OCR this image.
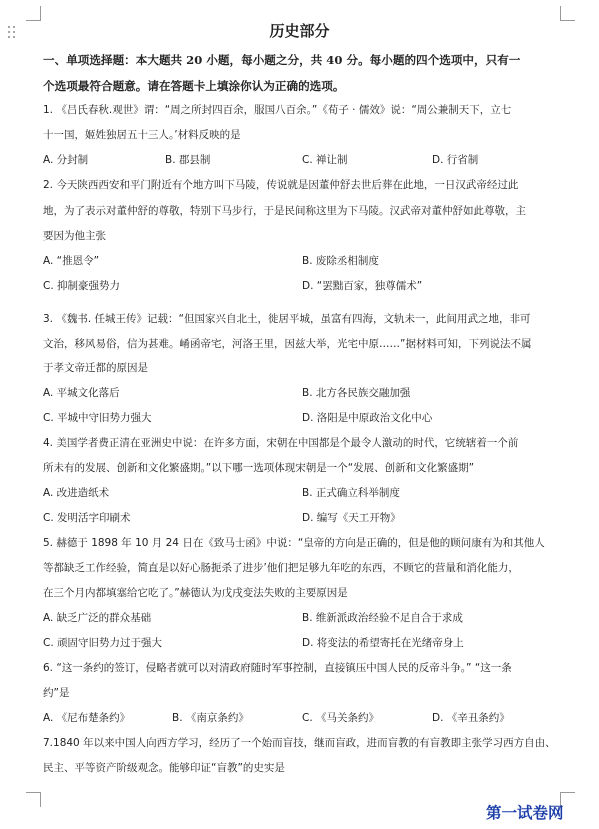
历史部分
一、单项选择题：本大题共 20 小题，每小题之分，共 40 分。每小题的四个选项中，只有一
个选项最符合题意。请在答题卡上填涂你认为正确的选项。
1. 《吕氏春秋.观世》谓：“周之所封四百余，服国八百余。”《荀子 · 儒效》说：“周公兼制天下，立七
十一国，姬姓独居五十三人。’材料反映的是
A. 分封制	B. 郡县制	C. 禅让制	D. 行省制
2. 今天陕西西安和平门附近有个地方叫下马陵，传说就是因董仲舒去世后葬在此地，一日汉武帝经过此
地，为了表示对董仲舒的尊敬，特别下马步行，于是民间称这里为下马陵。汉武帝对董仲舒如此尊敬，主
要因为他主张
A. “推恩令”	B. 废除丞相制度
C. 抑制豪强势力	D. “罢黜百家，独尊儒术”
3. 《魏书. 任城王传》记载：“但国家兴自北土，徙居平城，虽富有四海，文轨未一，此间用武之地，非可
文治，移风易俗，信为甚难。崤函帝宅，河洛王里，因兹大举，光宅中原……”据材料可知，下列说法不属
于孝文帝迁都的原因是
A. 平城文化落后	B. 北方各民族交融加强
C. 平城中守旧势力强大	D. 洛阳是中原政治文化中心
4. 美国学者费正清在亚洲史中说：在许多方面，宋朝在中国都是个最令人激动的时代，它统辖着一个前
所未有的发展、创新和文化繁盛期。”以下哪一选项体现宋朝是一个“发展、创新和文化繁盛期”
A. 改进造纸术	B. 正式确立科举制度
C. 发明活字印刷术	D. 编写《天工开物》
5. 赫德于 1898 年 10 月 24 日在《致马士函》中说：“皇帝的方向是正确的，但是他的顾问康有为和其他人
等都缺乏工作经验，简直是以好心肠扼杀了进步’他们把足够九年吃的东西，不顾它的营量和消化能力，
在三个月内都填塞给它吃了。”赫德认为戊戌变法失败的主要原因是
A. 缺乏广泛的群众基础	B. 维新派政治经验不足自合于求成
C. 顽固守旧势力过于强大	D. 将变法的希望寄托在光绪帝身上
6. “这一条约的签订，侵略者就可以对清政府随时军事控制，直接镇压中国人民的反帝斗争。” “这一条
约”是
A. 《尼布楚条约》	B. 《南京条约》	C. 《马关条约》	D. 《辛丑条约》
7.1840 年以来中国人向西方学习，经历了一个始而盲技，继而盲政，进而盲教的有盲教即主张学习西方自由、
民主、平等资产阶级观念。能够印证“盲教”的史实是
第一试卷网
